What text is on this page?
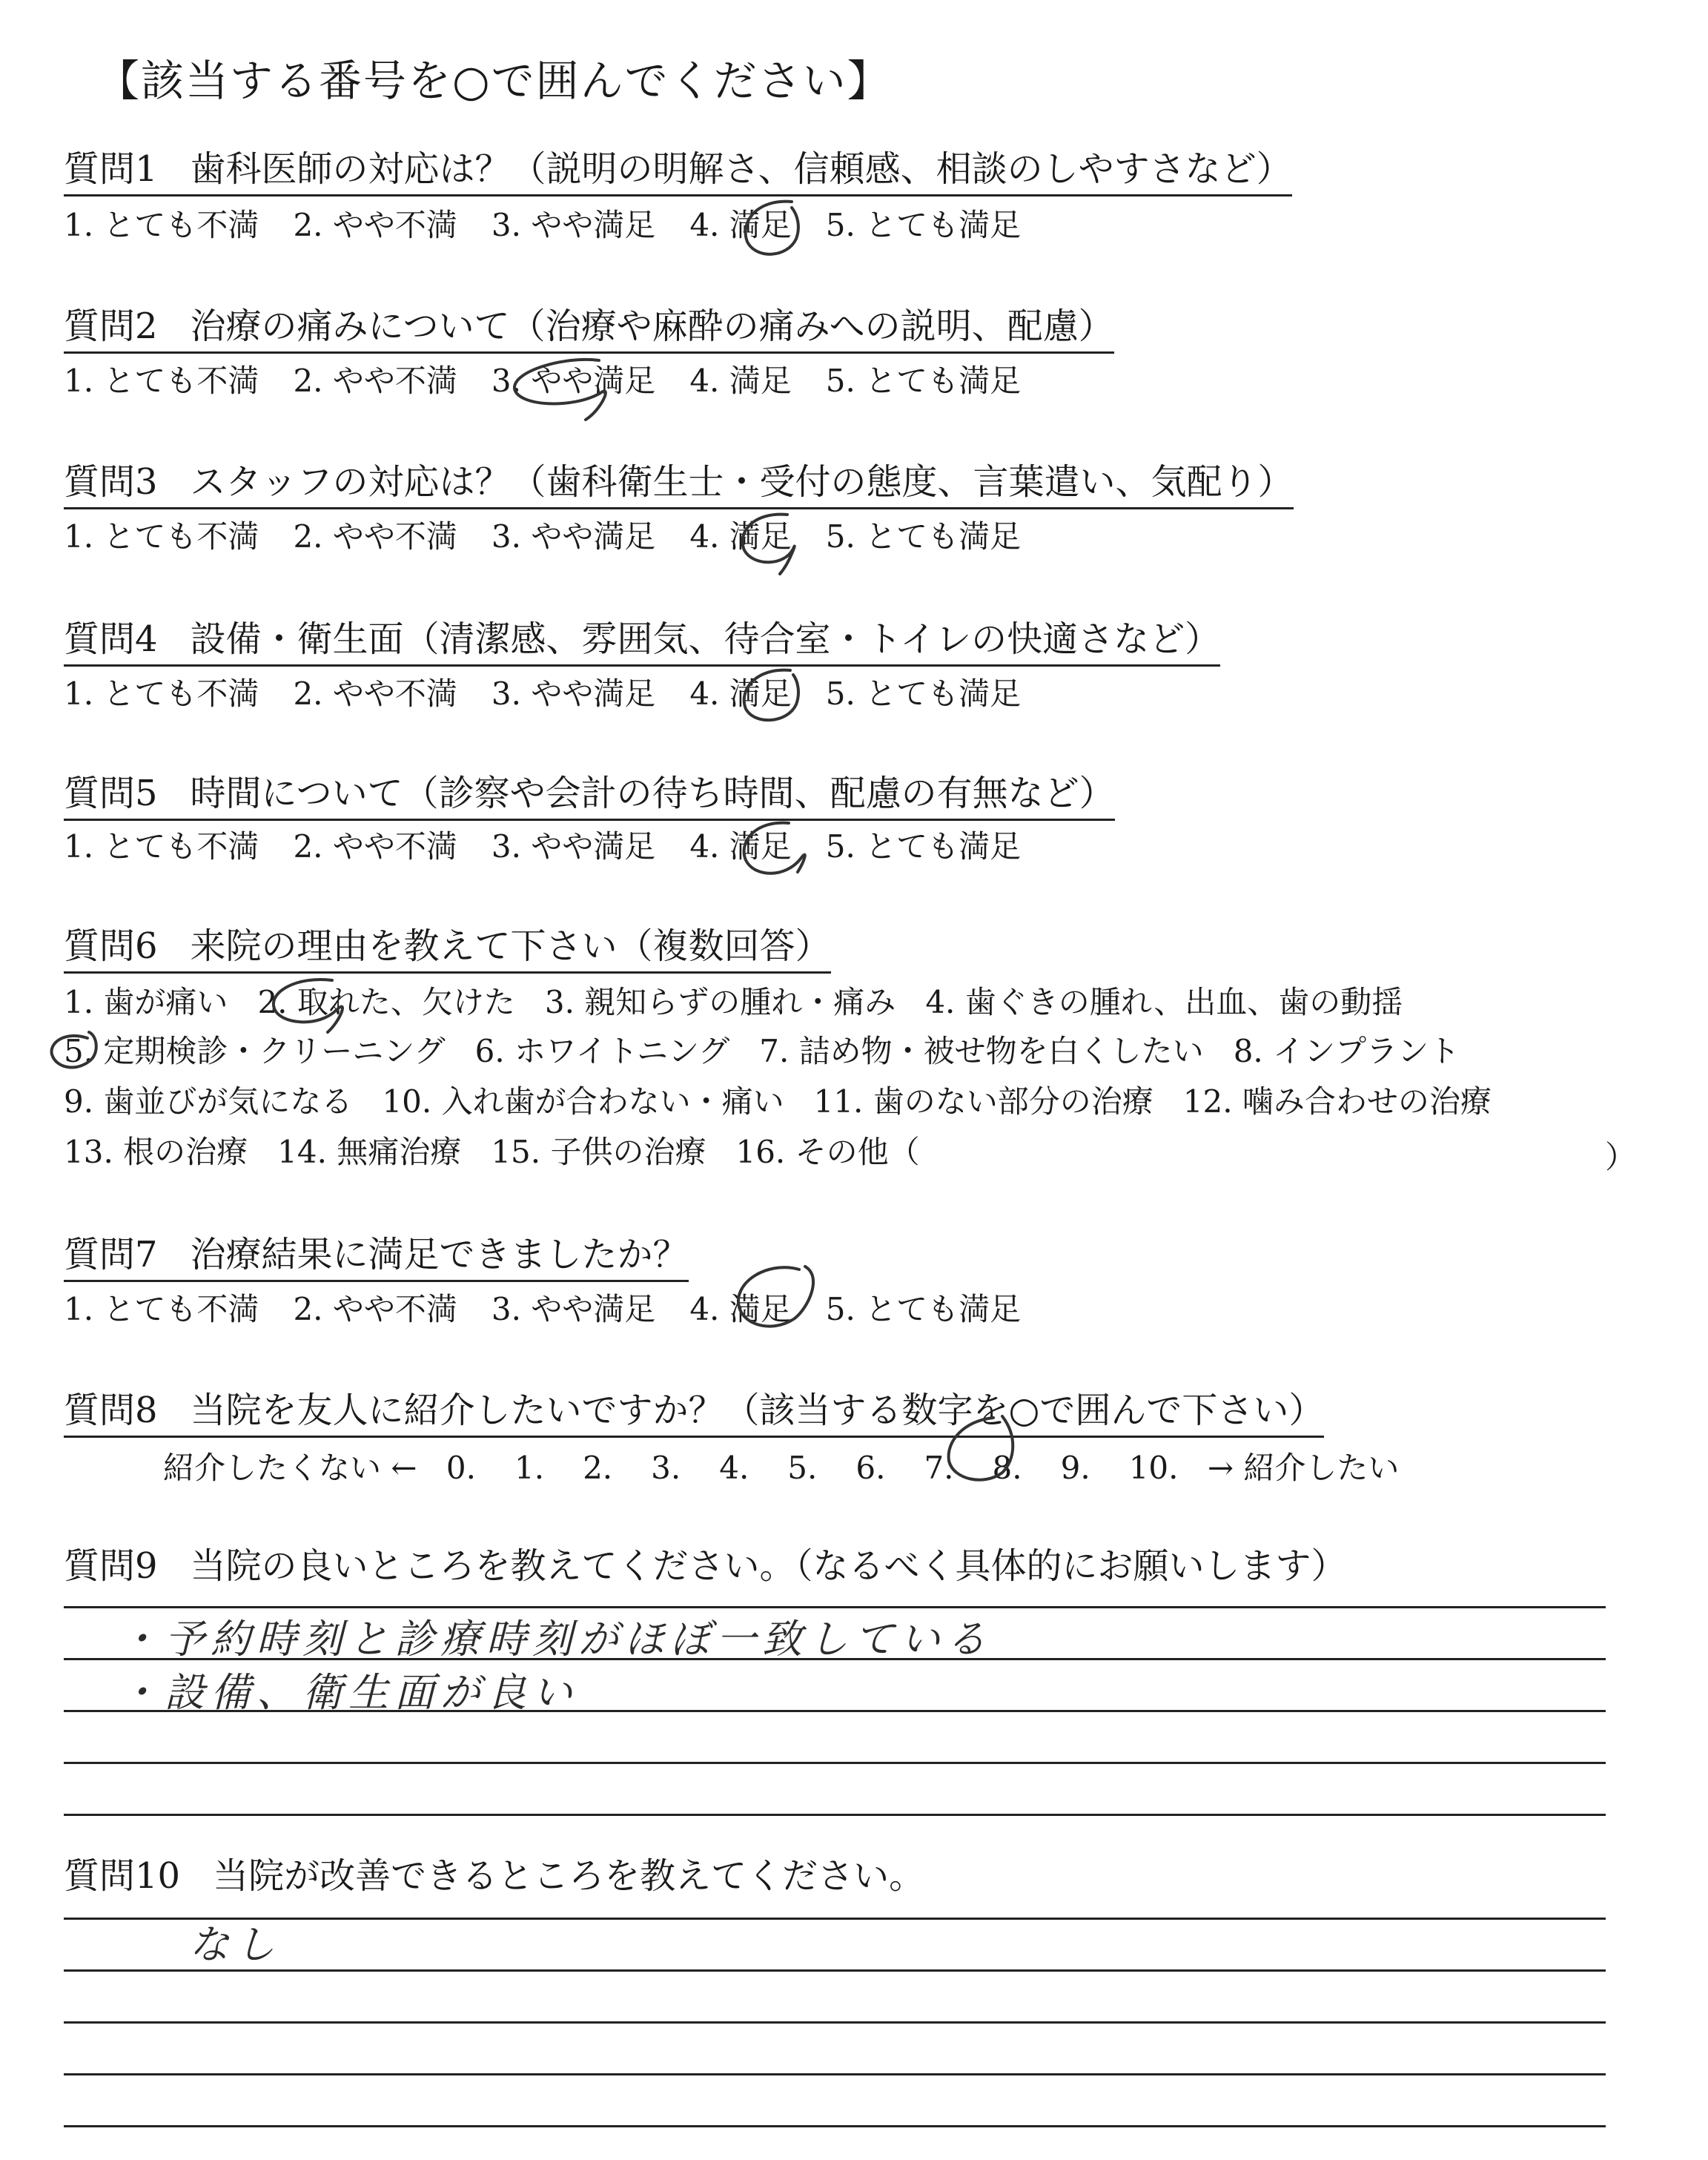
【該当する番号を○で囲んでください】
質問1 歯科医師の対応は？（説明の明解さ、信頼感、相談のしやすさなど）
1. とても不満 2. やや不満 3. やや満足 4. 満足 5. とても満足
質問2 治療の痛みについて（治療や麻酔の痛みへの説明、配慮）
1. とても不満 2. やや不満 3. やや満足 4. 満足 5. とても満足
質問3 スタッフの対応は？（歯科衛生士・受付の態度、言葉遣い、気配り）
1. とても不満 2. やや不満 3. やや満足 4. 満足 5. とても満足
質問4 設備・衛生面（清潔感、雰囲気、待合室・トイレの快適さなど）
1. とても不満 2. やや不満 3. やや満足 4. 満足 5. とても満足
質問5 時間について（診察や会計の待ち時間、配慮の有無など）
1. とても不満 2. やや不満 3. やや満足 4. 満足 5. とても満足
質問6 来院の理由を教えて下さい（複数回答）
1. 歯が痛い 2. 取れた、欠けた 3. 親知らずの腫れ・痛み 4. 歯ぐきの腫れ、出血、歯の動揺
5. 定期検診・クリーニング 6. ホワイトニング 7. 詰め物・被せ物を白くしたい 8. インプラント
9. 歯並びが気になる 10. 入れ歯が合わない・痛い 11. 歯のない部分の治療 12. 噛み合わせの治療
13. 根の治療 14. 無痛治療 15. 子供の治療 16. その他（	）
質問7 治療結果に満足できましたか？
1. とても不満 2. やや不満 3. やや満足 4. 満足 5. とても満足
質問8 当院を友人に紹介したいですか？（該当する数字を○で囲んで下さい）
紹介したくない ← 0. 1. 2. 3. 4. 5. 6. 7. 8. 9. 10. → 紹介したい
質問9 当院の良いところを教えてください。（なるべく具体的にお願いします）
・予約時刻と診療時刻がほぼ一致している
・設備、衛生面が良い
質問10 当院が改善できるところを教えてください。
なし
